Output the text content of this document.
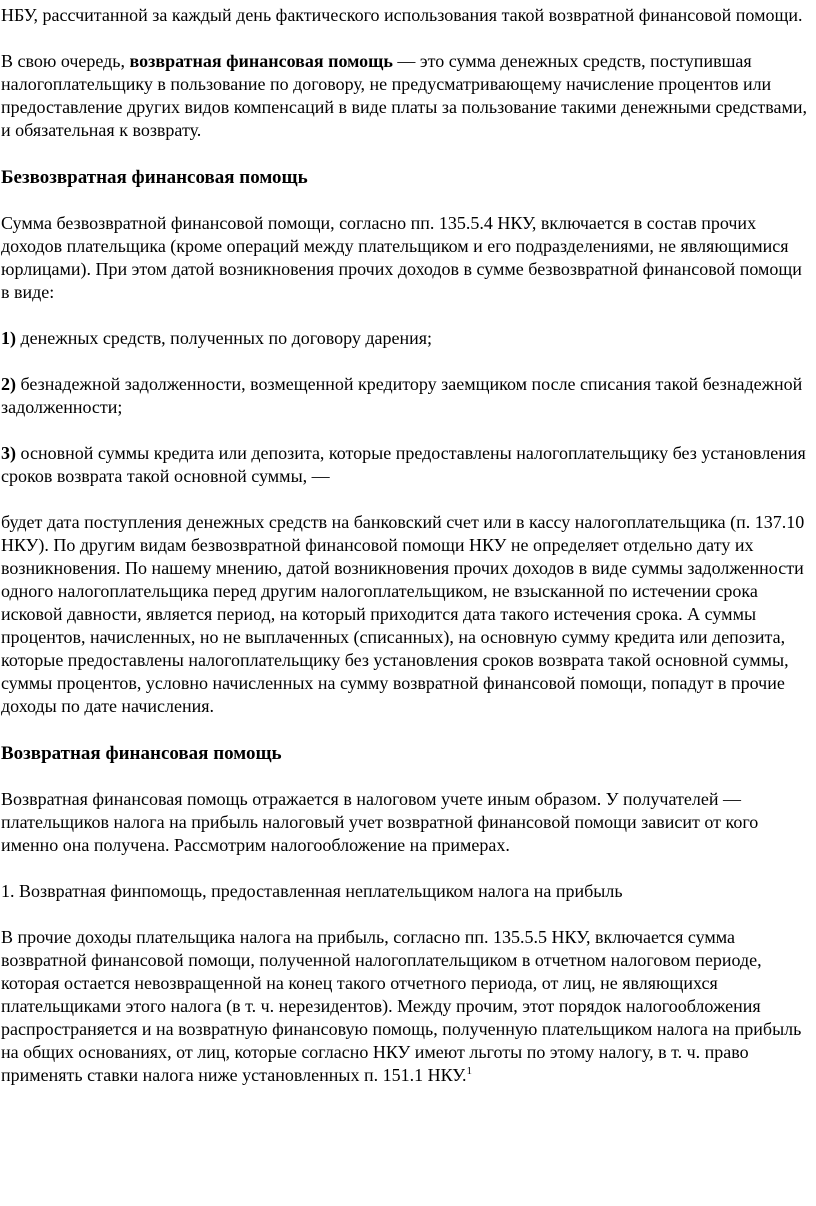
НБУ, рассчитанной за каждый день фактического использования такой возвратной финансовой помощи.

В свою очередь, возвратная финансовая помощь — это сумма денежных средств, поступившая налогоплательщику в пользование по договору, не предусматривающему начисление процентов или предоставление других видов компенсаций в виде платы за пользование такими денежными средствами, и обязательная к возврату.

Безвозвратная финансовая помощь

Сумма безвозвратной финансовой помощи, согласно пп. 135.5.4 НКУ, включается в состав прочих доходов плательщика (кроме операций между плательщиком и его подразделениями, не являющимися юрлицами). При этом датой возникновения прочих доходов в сумме безвозвратной финансовой помощи в виде:

1) денежных средств, полученных по договору дарения;

2) безнадежной задолженности, возмещенной кредитору заемщиком после списания такой безнадежной задолженности;

3) основной суммы кредита или депозита, которые предоставлены налогоплательщику без установления сроков возврата такой основной суммы, —

будет дата поступления денежных средств на банковский счет или в кассу налогоплательщика (п. 137.10 НКУ). По другим видам безвозвратной финансовой помощи НКУ не определяет отдельно дату их возникновения. По нашему мнению, датой возникновения прочих доходов в виде суммы задолженности одного налогоплательщика перед другим налогоплательщиком, не взысканной по истечении срока исковой давности, является период, на который приходится дата такого истечения срока. А суммы процентов, начисленных, но не выплаченных (списанных), на основную сумму кредита или депозита, которые предоставлены налогоплательщику без установления сроков возврата такой основной суммы, суммы процентов, условно начисленных на сумму возвратной финансовой помощи, попадут в прочие доходы по дате начисления.

Возвратная финансовая помощь

Возвратная финансовая помощь отражается в налоговом учете иным образом. У получателей — плательщиков налога на прибыль налоговый учет возвратной финансовой помощи зависит от кого именно она получена. Рассмотрим налогообложение на примерах.

1. Возвратная финпомощь, предоставленная неплательщиком налога на прибыль

В прочие доходы плательщика налога на прибыль, согласно пп. 135.5.5 НКУ, включается сумма возвратной финансовой помощи, полученной налогоплательщиком в отчетном налоговом периоде, которая остается невозвращенной на конец такого отчетного периода, от лиц, не являющихся плательщиками этого налога (в т. ч. нерезидентов). Между прочим, этот порядок налогообложения распространяется и на возвратную финансовую помощь, полученную плательщиком налога на прибыль на общих основаниях, от лиц, которые согласно НКУ имеют льготы по этому налогу, в т. ч. право применять ставки налога ниже установленных п. 151.1 НКУ.$^1$
